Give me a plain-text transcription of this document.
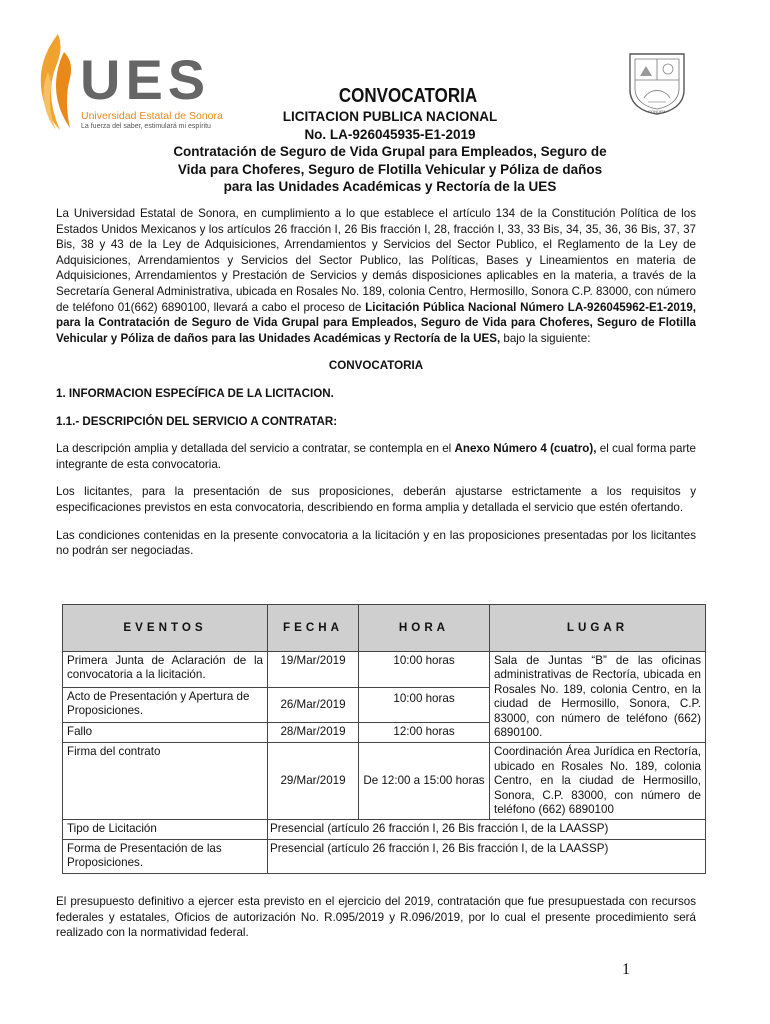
UES
Universidad Estatal de Sonora
La fuerza del saber, estimulará mi espíritu
SONORA
CONVOCATORIA
LICITACION PUBLICA NACIONAL
No. LA-926045935-E1-2019
Contratación de Seguro de Vida Grupal para Empleados, Seguro de
Vida para Choferes, Seguro de Flotilla Vehicular y Póliza de daños
para las Unidades Académicas y Rectoría de la UES

La Universidad Estatal de Sonora, en cumplimiento a lo que establece el artículo 134 de la Constitución Política de los Estados Unidos Mexicanos y los artículos 26 fracción I, 26 Bis fracción I, 28, fracción I, 33, 33 Bis, 34, 35, 36, 36 Bis, 37, 37 Bis, 38 y 43 de la Ley de Adquisiciones, Arrendamientos y Servicios del Sector Publico, el Reglamento de la Ley de Adquisiciones, Arrendamientos y Servicios del Sector Publico, las Políticas, Bases y Lineamientos en materia de Adquisiciones, Arrendamientos y Prestación de Servicios y demás disposiciones aplicables en la materia, a través de la Secretaría General Administrativa, ubicada en Rosales No. 189, colonia Centro, Hermosillo, Sonora C.P. 83000, con número de teléfono 01(662) 6890100, llevará a cabo el proceso de Licitación Pública Nacional Número LA-926045962-E1-2019, para la Contratación de Seguro de Vida Grupal para Empleados, Seguro de Vida para Choferes, Seguro de Flotilla Vehicular y Póliza de daños para las Unidades Académicas y Rectoría de la UES, bajo la siguiente:

CONVOCATORIA

1. INFORMACION ESPECÍFICA DE LA LICITACION.

1.1.- DESCRIPCIÓN DEL SERVICIO A CONTRATAR:

La descripción amplia y detallada del servicio a contratar, se contempla en el Anexo Número 4 (cuatro), el cual forma parte integrante de esta convocatoria.

Los licitantes, para la presentación de sus proposiciones, deberán ajustarse estrictamente a los requisitos y especificaciones previstos en esta convocatoria, describiendo en forma amplia y detallada el servicio que estén ofertando.

Las condiciones contenidas en la presente convocatoria a la licitación y en las proposiciones presentadas por los licitantes no podrán ser negociadas.

EVENTOS	FECHA	HORA	LUGAR
Primera Junta de Aclaración de la convocatoria a la licitación.	19/Mar/2019	10:00 horas	Sala de Juntas “B” de las oficinas administrativas de Rectoría, ubicada en Rosales No. 189, colonia Centro, en la ciudad de Hermosillo, Sonora, C.P. 83000, con número de teléfono (662) 6890100.
Acto de Presentación y Apertura de Proposiciones.	26/Mar/2019	10:00 horas	
Fallo	28/Mar/2019	12:00 horas	
Firma del contrato	29/Mar/2019	De 12:00 a 15:00 horas	Coordinación Área Jurídica en Rectoría, ubicado en Rosales No. 189, colonia Centro, en la ciudad de Hermosillo, Sonora, C.P. 83000, con número de teléfono (662) 6890100
Tipo de Licitación	Presencial (artículo 26 fracción I, 26 Bis fracción I, de la LAASSP)		
Forma de Presentación de las Proposiciones.	Presencial (artículo 26 fracción I, 26 Bis fracción I, de la LAASSP)		

El presupuesto definitivo a ejercer esta previsto en el ejercicio del 2019, contratación que fue presupuestada con recursos federales y estatales, Oficios de autorización No. R.095/2019 y R.096/2019, por lo cual el presente procedimiento será realizado con la normatividad federal.

1
